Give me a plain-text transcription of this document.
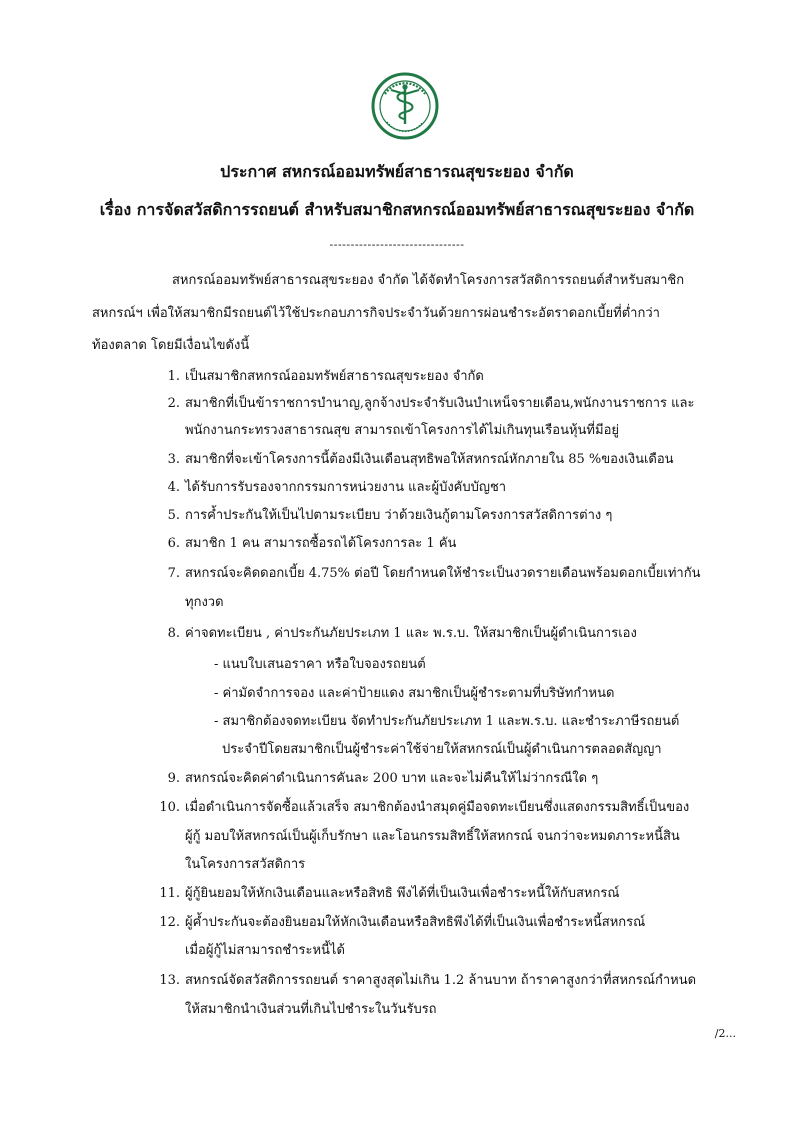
ประกาศ สหกรณ์ออมทรัพย์สาธารณสุขระยอง จำกัด
เรื่อง การจัดสวัสดิการรถยนต์ สำหรับสมาชิกสหกรณ์ออมทรัพย์สาธารณสุขระยอง จำกัด
--------------------------------
สหกรณ์ออมทรัพย์สาธารณสุขระยอง จำกัด ได้จัดทำโครงการสวัสดิการรถยนต์สำหรับสมาชิก
สหกรณ์ฯ เพื่อให้สมาชิกมีรถยนต์ไว้ใช้ประกอบภารกิจประจำวันด้วยการผ่อนชำระอัตราดอกเบี้ยที่ต่ำกว่า
ท้องตลาด โดยมีเงื่อนไขดังนี้
1. เป็นสมาชิกสหกรณ์ออมทรัพย์สาธารณสุขระยอง จำกัด
2. สมาชิกที่เป็นข้าราชการบำนาญ,ลูกจ้างประจำรับเงินบำเหน็จรายเดือน,พนักงานราชการ และ
พนักงานกระทรวงสาธารณสุข สามารถเข้าโครงการได้ไม่เกินทุนเรือนหุ้นที่มีอยู่
3. สมาชิกที่จะเข้าโครงการนี้ต้องมีเงินเดือนสุทธิพอให้สหกรณ์หักภายใน 85 %ของเงินเดือน
4. ได้รับการรับรองจากกรรมการหน่วยงาน และผู้บังคับบัญชา
5. การค้ำประกันให้เป็นไปตามระเบียบ ว่าด้วยเงินกู้ตามโครงการสวัสดิการต่าง ๆ
6. สมาชิก 1 คน สามารถซื้อรถได้โครงการละ 1 คัน
7. สหกรณ์จะคิดดอกเบี้ย 4.75% ต่อปี โดยกำหนดให้ชำระเป็นงวดรายเดือนพร้อมดอกเบี้ยเท่ากัน
ทุกงวด
8. ค่าจดทะเบียน , ค่าประกันภัยประเภท 1 และ พ.ร.บ. ให้สมาชิกเป็นผู้ดำเนินการเอง
- แนบใบเสนอราคา หรือใบจองรถยนต์
- ค่ามัดจำการจอง และค่าป้ายแดง สมาชิกเป็นผู้ชำระตามที่บริษัทกำหนด
- สมาชิกต้องจดทะเบียน จัดทำประกันภัยประเภท 1 และพ.ร.บ. และชำระภาษีรถยนต์
ประจำปีโดยสมาชิกเป็นผู้ชำระค่าใช้จ่ายให้สหกรณ์เป็นผู้ดำเนินการตลอดสัญญา
9. สหกรณ์จะคิดค่าดำเนินการคันละ 200 บาท และจะไม่คืนให้ไม่ว่ากรณีใด ๆ
10. เมื่อดำเนินการจัดซื้อแล้วเสร็จ สมาชิกต้องนำสมุดคู่มือจดทะเบียนซึ่งแสดงกรรมสิทธิ์เป็นของ
ผู้กู้ มอบให้สหกรณ์เป็นผู้เก็บรักษา และโอนกรรมสิทธิ์ให้สหกรณ์ จนกว่าจะหมดภาระหนี้สิน
ในโครงการสวัสดิการ
11. ผู้กู้ยินยอมให้หักเงินเดือนและหรือสิทธิ พึงได้ที่เป็นเงินเพื่อชำระหนี้ให้กับสหกรณ์
12. ผู้ค้ำประกันจะต้องยินยอมให้หักเงินเดือนหรือสิทธิพึงได้ที่เป็นเงินเพื่อชำระหนี้สหกรณ์
เมื่อผู้กู้ไม่สามารถชำระหนี้ได้
13. สหกรณ์จัดสวัสดิการรถยนต์ ราคาสูงสุดไม่เกิน 1.2 ล้านบาท ถ้าราคาสูงกว่าที่สหกรณ์กำหนด
ให้สมาชิกนำเงินส่วนที่เกินไปชำระในวันรับรถ
/2...
